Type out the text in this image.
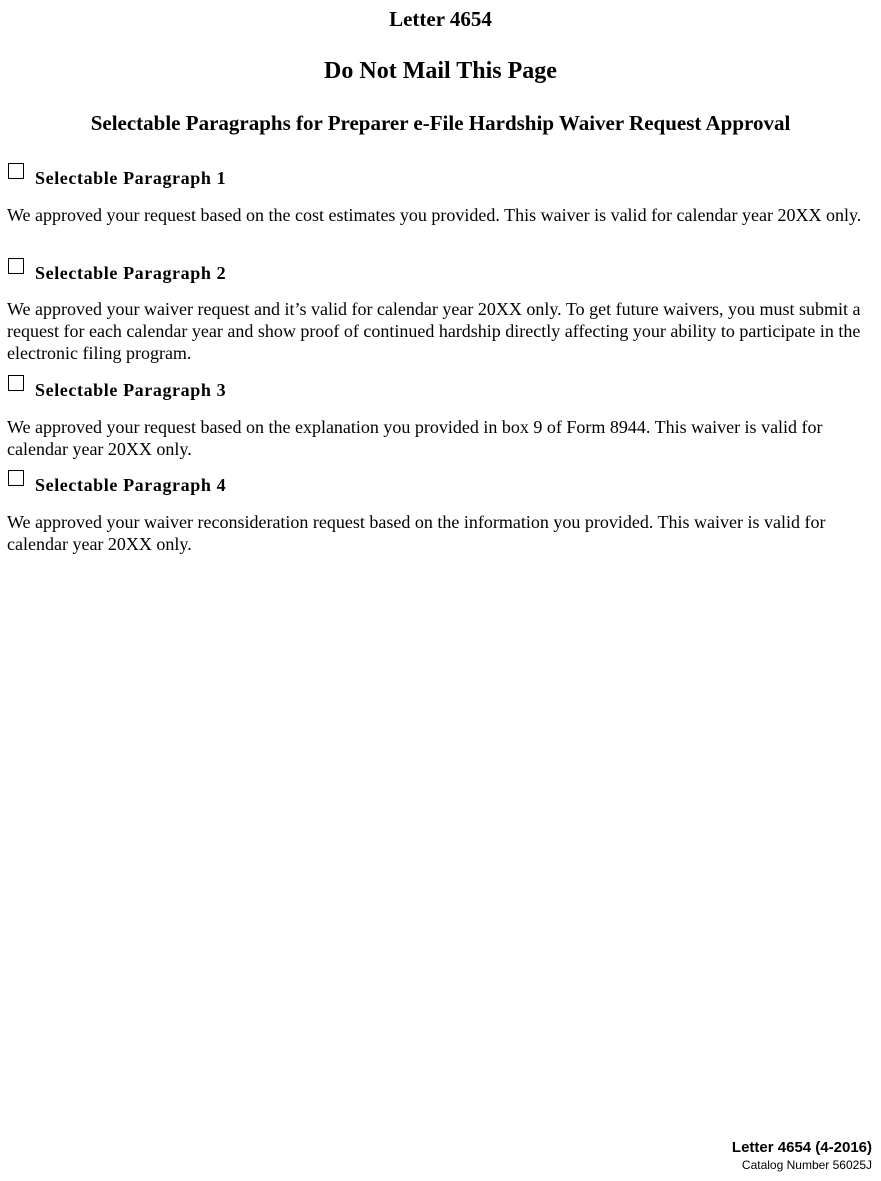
Letter 4654
Do Not Mail This Page
Selectable Paragraphs for Preparer e-File Hardship Waiver Request Approval
Selectable Paragraph 1
We approved your request based on the cost estimates you provided. This waiver is valid for calendar year 20XX only.
Selectable Paragraph 2
We approved your waiver request and it’s valid for calendar year 20XX only. To get future waivers, you must submit a request for each calendar year and show proof of continued hardship directly affecting your ability to participate in the electronic filing program.
Selectable Paragraph 3
We approved your request based on the explanation you provided in box 9 of Form 8944. This waiver is valid for calendar year 20XX only.
Selectable Paragraph 4
We approved your waiver reconsideration request based on the information you provided. This waiver is valid for calendar year 20XX only.
Letter 4654 (4-2016)
Catalog Number 56025J
